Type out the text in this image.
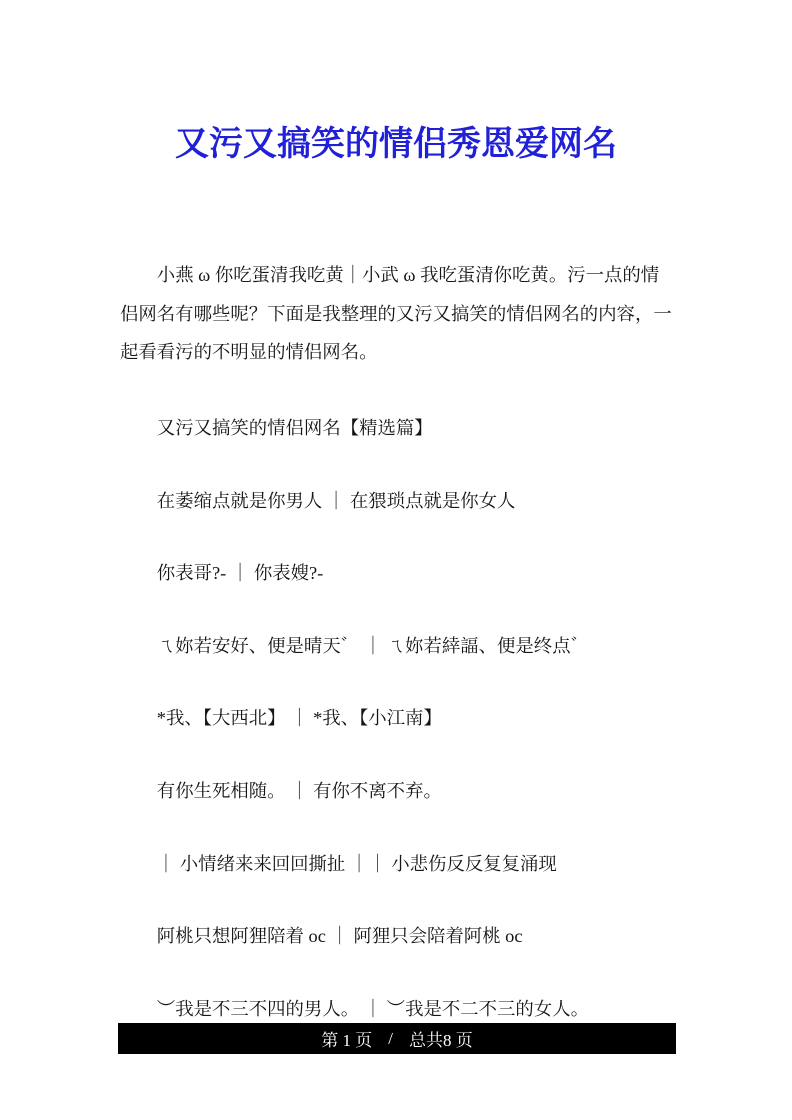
又污又搞笑的情侣秀恩爱网名
小燕 ω 你吃蛋清我吃黄｜小武 ω 我吃蛋清你吃黄。污一点的情
侣网名有哪些呢？下面是我整理的又污又搞笑的情侣网名的内容，一
起看看污的不明显的情侣网名。
又污又搞笑的情侣网名【精选篇】
在萎缩点就是你男人 ｜ 在猥琐点就是你女人
你表哥?- ｜ 你表嫂?-
ㄟ妳若安好、便是晴天゛ ｜ ㄟ妳若緈諨、便是终点゛
*我、【大西北】 ｜ *我、【小江南】
有你生死相随。 ｜ 有你不离不弃。
｜ 小情绪来来回回撕扯 ｜｜ 小悲伤反反复复涌现
阿桃只想阿狸陪着 oc ｜ 阿狸只会陪着阿桃 oc
︶我是不三不四的男人。 ｜ ︶我是不二不三的女人。
第 1 页 / 总共8 页
